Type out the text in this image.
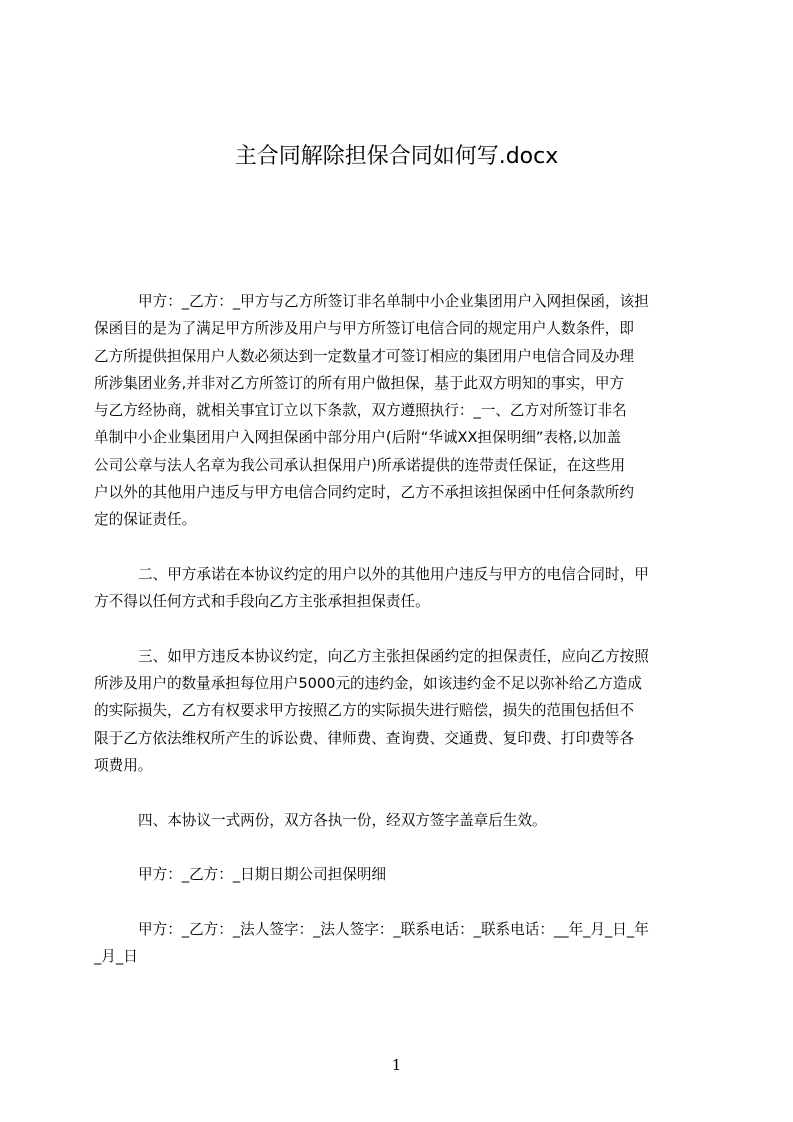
主合同解除担保合同如何写.docx
甲方：_乙方：_甲方与乙方所签订非名单制中小企业集团用户入网担保函，该担
保函目的是为了满足甲方所涉及用户与甲方所签订电信合同的规定用户人数条件，即
乙方所提供担保用户人数必须达到一定数量才可签订相应的集团用户电信合同及办理
所涉集团业务,并非对乙方所签订的所有用户做担保，基于此双方明知的事实，甲方
与乙方经协商，就相关事宜订立以下条款，双方遵照执行：_一、乙方对所签订非名
单制中小企业集团用户入网担保函中部分用户(后附“华诚XX担保明细”表格,以加盖
公司公章与法人名章为我公司承认担保用户)所承诺提供的连带责任保证，在这些用
户以外的其他用户违反与甲方电信合同约定时，乙方不承担该担保函中任何条款所约
定的保证责任。
二、甲方承诺在本协议约定的用户以外的其他用户违反与甲方的电信合同时，甲
方不得以任何方式和手段向乙方主张承担担保责任。
三、如甲方违反本协议约定，向乙方主张担保函约定的担保责任，应向乙方按照
所涉及用户的数量承担每位用户5000元的违约金，如该违约金不足以弥补给乙方造成
的实际损失，乙方有权要求甲方按照乙方的实际损失进行赔偿，损失的范围包括但不
限于乙方依法维权所产生的诉讼费、律师费、查询费、交通费、复印费、打印费等各
项费用。
四、本协议一式两份，双方各执一份，经双方签字盖章后生效。
甲方：_乙方：_日期日期公司担保明细
甲方：_乙方：_法人签字：_法人签字：_联系电话：_联系电话：__年_月_日_年
_月_日
1
